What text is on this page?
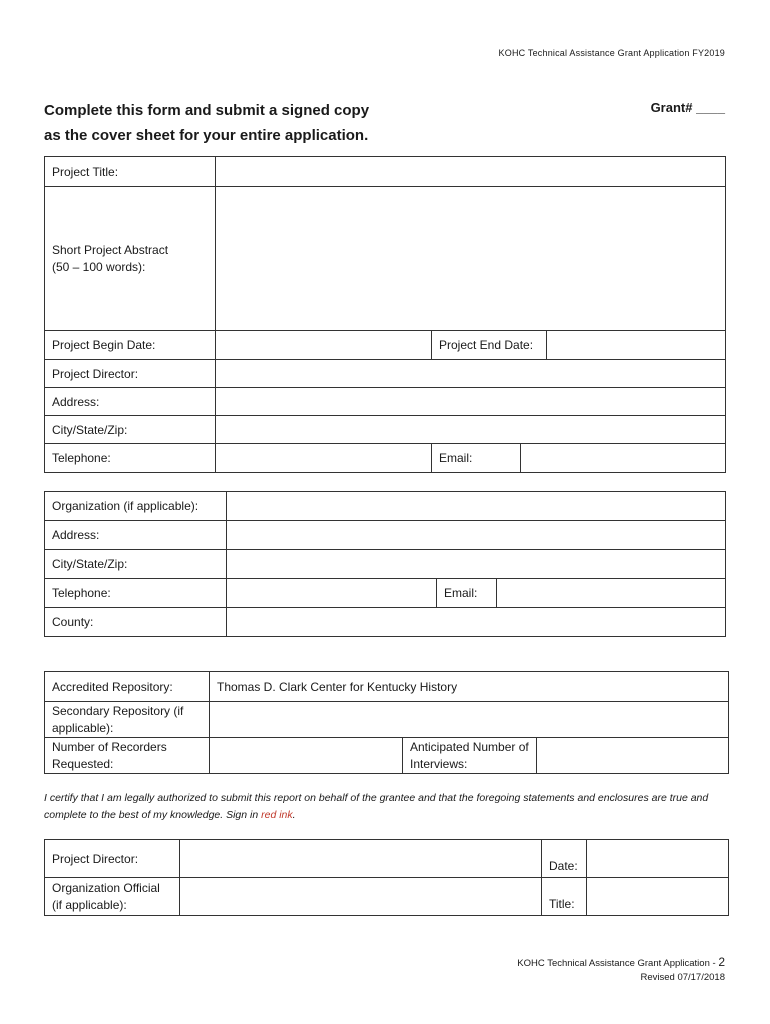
KOHC Technical Assistance Grant Application FY2019
Complete this form and submit a signed copy
as the cover sheet for your entire application.
Grant# ____
Project Title:				

Short Project Abstract
(50 – 100 words):				

Project Begin Date:		Project End Date:		
Project Director:				
Address:				
City/State/Zip:				
Telephone:		Email:		
Organization (if applicable):			
Address:			
City/State/Zip:			
Telephone:		Email:	
County:			
Accredited Repository:	Thomas D. Clark Center for Kentucky History		
Secondary Repository (if applicable):			
Number of Recorders Requested:		Anticipated Number of Interviews:	
I certify that I am legally authorized to submit this report on behalf of the grantee and that the foregoing statements and enclosures are true and complete to the best of my knowledge. Sign in red ink.
Project Director:		Date:	
Organization Official (if applicable):		Title:	
KOHC Technical Assistance Grant Application - 2
Revised 07/17/2018
